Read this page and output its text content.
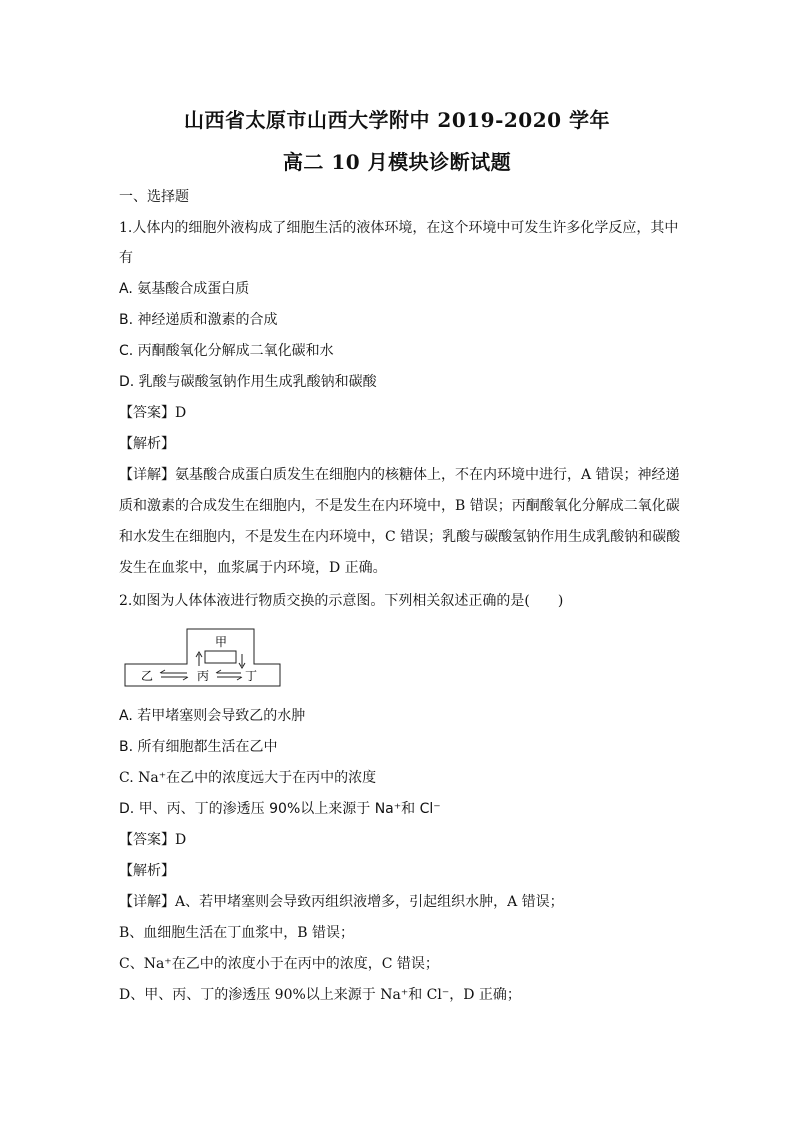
山西省太原市山西大学附中 2019-2020 学年
高二 10 月模块诊断试题
一、选择题
1.人体内的细胞外液构成了细胞生活的液体环境，在这个环境中可发生许多化学反应，其中
有
A. 氨基酸合成蛋白质
B. 神经递质和激素的合成
C. 丙酮酸氧化分解成二氧化碳和水
D. 乳酸与碳酸氢钠作用生成乳酸钠和碳酸
【答案】D
【解析】
【详解】氨基酸合成蛋白质发生在细胞内的核糖体上，不在内环境中进行，A 错误；神经递
质和激素的合成发生在细胞内，不是发生在内环境中，B 错误；丙酮酸氧化分解成二氧化碳
和水发生在细胞内，不是发生在内环境中，C 错误；乳酸与碳酸氢钠作用生成乳酸钠和碳酸
发生在血浆中，血浆属于内环境，D 正确。
2.如图为人体体液进行物质交换的示意图。下列相关叙述正确的是(　　)
甲
乙	丙	丁
A. 若甲堵塞则会导致乙的水肿
B. 所有细胞都生活在乙中
C. Na⁺在乙中的浓度远大于在丙中的浓度
D. 甲、丙、丁的渗透压 90%以上来源于 Na⁺和 Cl⁻
【答案】D
【解析】
【详解】A、若甲堵塞则会导致丙组织液增多，引起组织水肿，A 错误；
B、血细胞生活在丁血浆中，B 错误；
C、Na⁺在乙中的浓度小于在丙中的浓度，C 错误；
D、甲、丙、丁的渗透压 90%以上来源于 Na⁺和 Cl⁻，D 正确；
